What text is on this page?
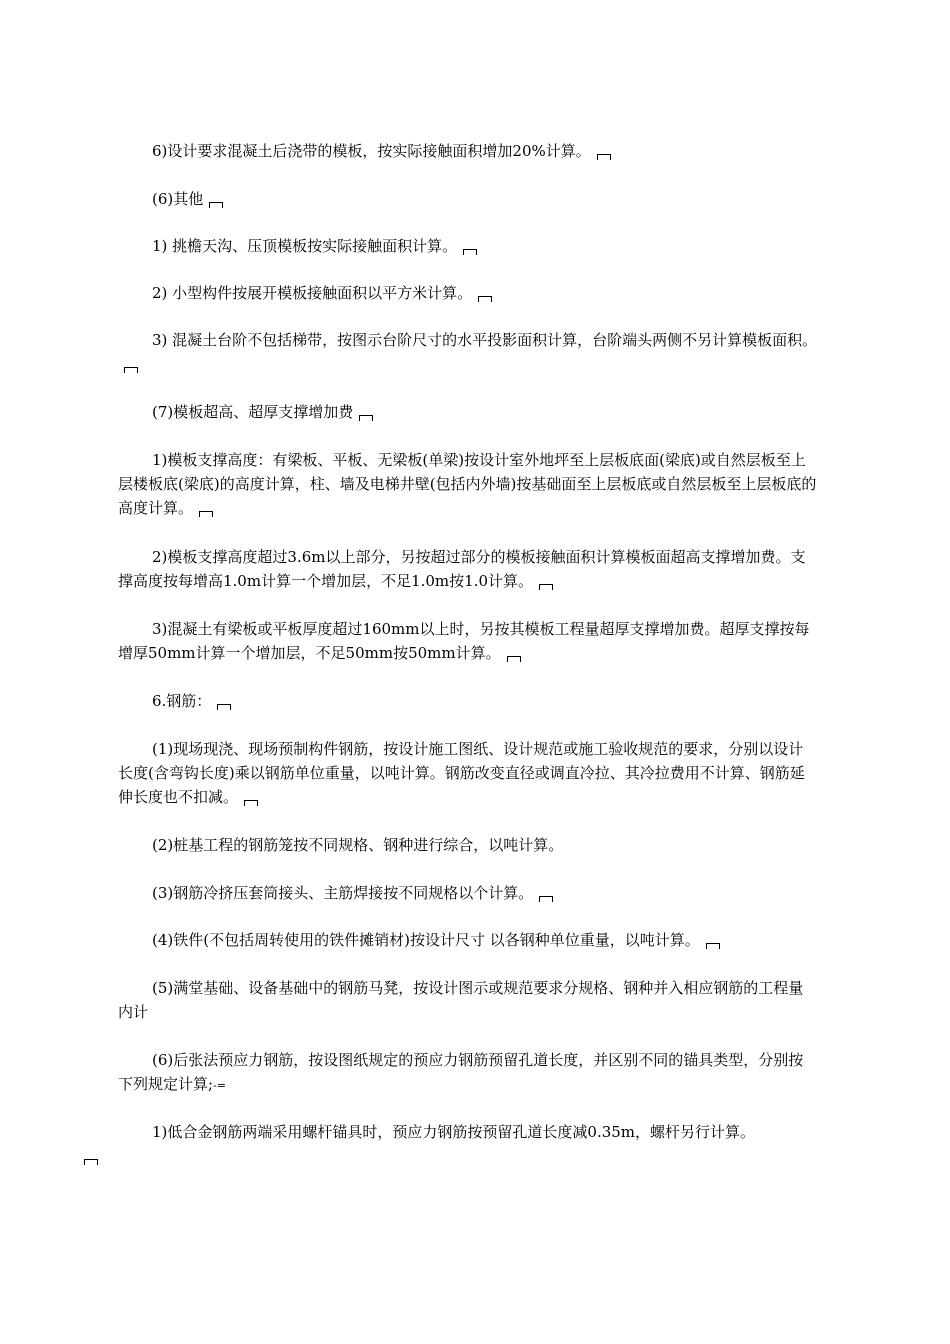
6)设计要求混凝土后浇带的模板，按实际接触面积增加20%计算。

(6)其他

1) 挑檐天沟、压顶模板按实际接触面积计算。

2) 小型构件按展开模板接触面积以平方米计算。

3) 混凝土台阶不包括梯带，按图示台阶尺寸的水平投影面积计算，台阶端头两侧不另计算模板面积。

(7)模板超高、超厚支撑增加费

1)模板支撑高度：有梁板、平板、无梁板(单梁)按设计室外地坪至上层板底面(梁底)或自然层板至上层楼板底(梁底)的高度计算，柱、墙及电梯井壁(包括内外墙)按基础面至上层板底或自然层板至上层板底的高度计算。

2)模板支撑高度超过3.6m以上部分，另按超过部分的模板接触面积计算模板面超高支撑增加费。支撑高度按每增高1.0m计算一个增加层，不足1.0m按1.0计算。

3)混凝土有梁板或平板厚度超过160mm以上时，另按其模板工程量超厚支撑增加费。超厚支撑按每增厚50mm计算一个增加层，不足50mm按50mm计算。

6.钢筋：

(1)现场现浇、现场预制构件钢筋，按设计施工图纸、设计规范或施工验收规范的要求，分别以设计长度(含弯钩长度)乘以钢筋单位重量，以吨计算。钢筋改变直径或调直冷拉、其冷拉费用不计算、钢筋延伸长度也不扣减。

(2)桩基工程的钢筋笼按不同规格、钢种进行综合，以吨计算。

(3)钢筋冷挤压套筒接头、主筋焊接按不同规格以个计算。

(4)铁件(不包括周转使用的铁件摊销材)按设计尺寸 以各钢种单位重量，以吨计算。

(5)满堂基础、设备基础中的钢筋马凳，按设计图示或规范要求分规格、钢种并入相应钢筋的工程量内计

(6)后张法预应力钢筋，按设图纸规定的预应力钢筋预留孔道长度，并区别不同的锚具类型，分别按下列规定计算;-=

1)低合金钢筋两端采用螺杆锚具时，预应力钢筋按预留孔道长度减0.35m，螺杆另行计算。
